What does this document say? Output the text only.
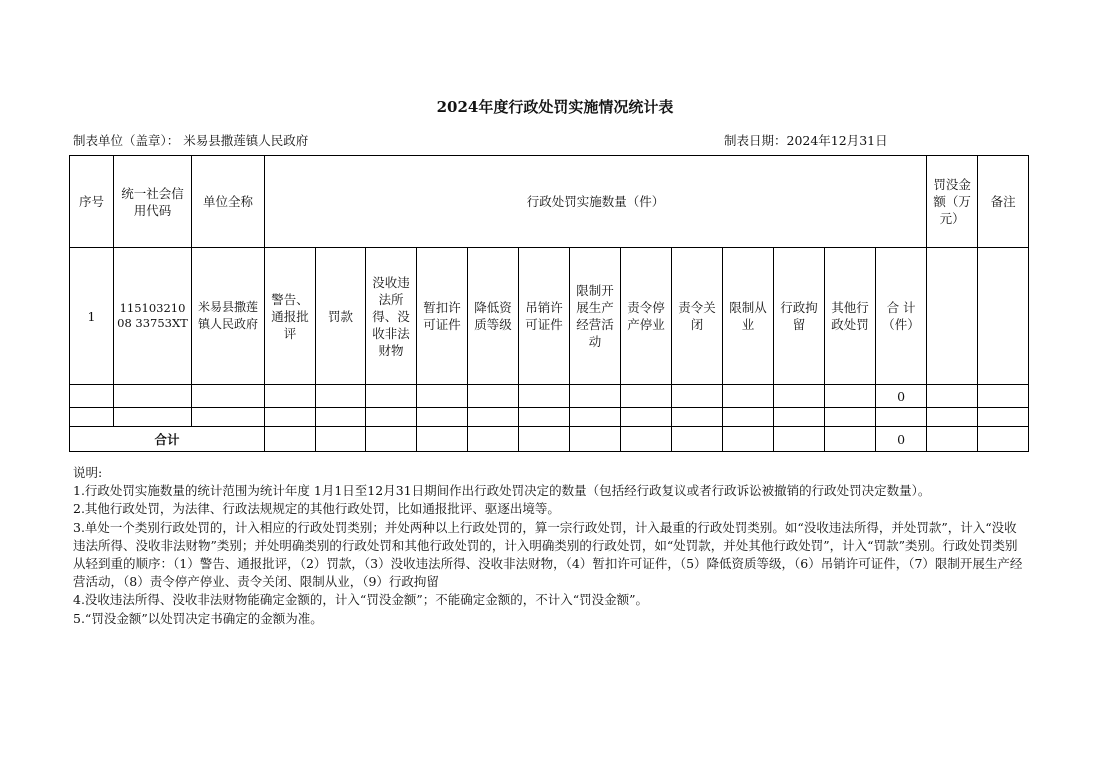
2024年度行政处罚实施情况统计表
制表单位（盖章）： 米易县撒莲镇人民政府	制表日期：2024年12月31日
序号	统一社会信用代码	单位全称	行政处罚实施数量（件）													罚没金额（万元）	备注
1	11510321008 33753XT	米易县撒莲镇人民政府	警告、通报批评	罚款	没收违法所得、没收非法财物	暂扣许可证件	降低资质等级	吊销许可证件	限制开展生产经营活动	责令停产停业	责令关闭	限制从业	行政拘留	其他行政处罚	合 计（件）		
															0		

合计															0		

说明:

1.行政处罚实施数量的统计范围为统计年度 1月1日至12月31日期间作出行政处罚决定的数量（包括经行政复议或者行政诉讼被撤销的行政处罚决定数量）。

2.其他行政处罚，为法律、行政法规规定的其他行政处罚，比如通报批评、驱逐出境等。

3.单处一个类别行政处罚的，计入相应的行政处罚类别；并处两种以上行政处罚的，算一宗行政处罚，计入最重的行政处罚类别。如“没收违法所得，并处罚款”，计入“没收违法所得、没收非法财物”类别；并处明确类别的行政处罚和其他行政处罚的，计入明确类别的行政处罚，如“处罚款，并处其他行政处罚”，计入“罚款”类别。行政处罚类别从轻到重的顺序：（1）警告、通报批评，（2）罚款，（3）没收违法所得、没收非法财物，（4）暂扣许可证件，（5）降低资质等级，（6）吊销许可证件，（7）限制开展生产经营活动，（8）责令停产停业、责令关闭、限制从业，（9）行政拘留

4.没收违法所得、没收非法财物能确定金额的，计入“罚没金额”；不能确定金额的，不计入“罚没金额”。

5.“罚没金额”以处罚决定书确定的金额为准。
